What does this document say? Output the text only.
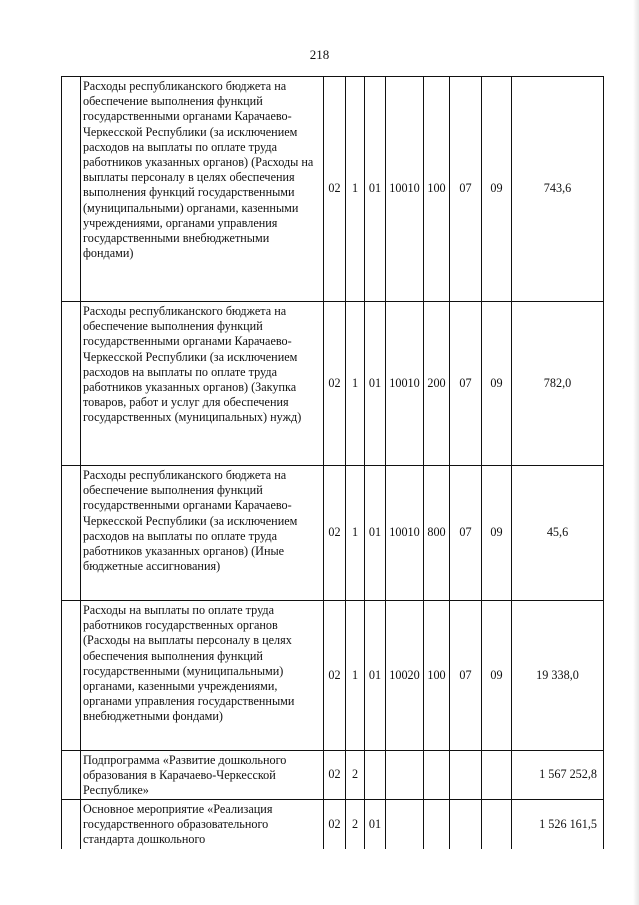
218
	Расходы республиканского бюджета на обеспечение выполнения функций государственными органами Карачаево-Черкесской Республики (за исключением расходов на выплаты по оплате труда работников указанных органов) (Расходы на выплаты персоналу в целях обеспечения выполнения функций государственными (муниципальными) органами, казенными учреждениями, органами управления государственными внебюджетными фондами)	02	1	01	10010	100	07	09	743,6
	Расходы республиканского бюджета на обеспечение выполнения функций государственными органами Карачаево-Черкесской Республики (за исключением расходов на выплаты по оплате труда работников указанных органов) (Закупка товаров, работ и услуг для обеспечения государственных (муниципальных) нужд)	02	1	01	10010	200	07	09	782,0
	Расходы республиканского бюджета на обеспечение выполнения функций государственными органами Карачаево-Черкесской Республики (за исключением расходов на выплаты по оплате труда работников указанных органов) (Иные бюджетные ассигнования)	02	1	01	10010	800	07	09	45,6
	Расходы на выплаты по оплате труда работников государственных органов (Расходы на выплаты персоналу в целях обеспечения выполнения функций государственными (муниципальными) органами, казенными учреждениями, органами управления государственными внебюджетными фондами)	02	1	01	10020	100	07	09	19 338,0
	Подпрограмма «Развитие дошкольного образования в Карачаево-Черкесской Республике»	02	2						1 567 252,8
	Основное мероприятие «Реализация государственного образовательного стандарта дошкольного	02	2	01					1 526 161,5
